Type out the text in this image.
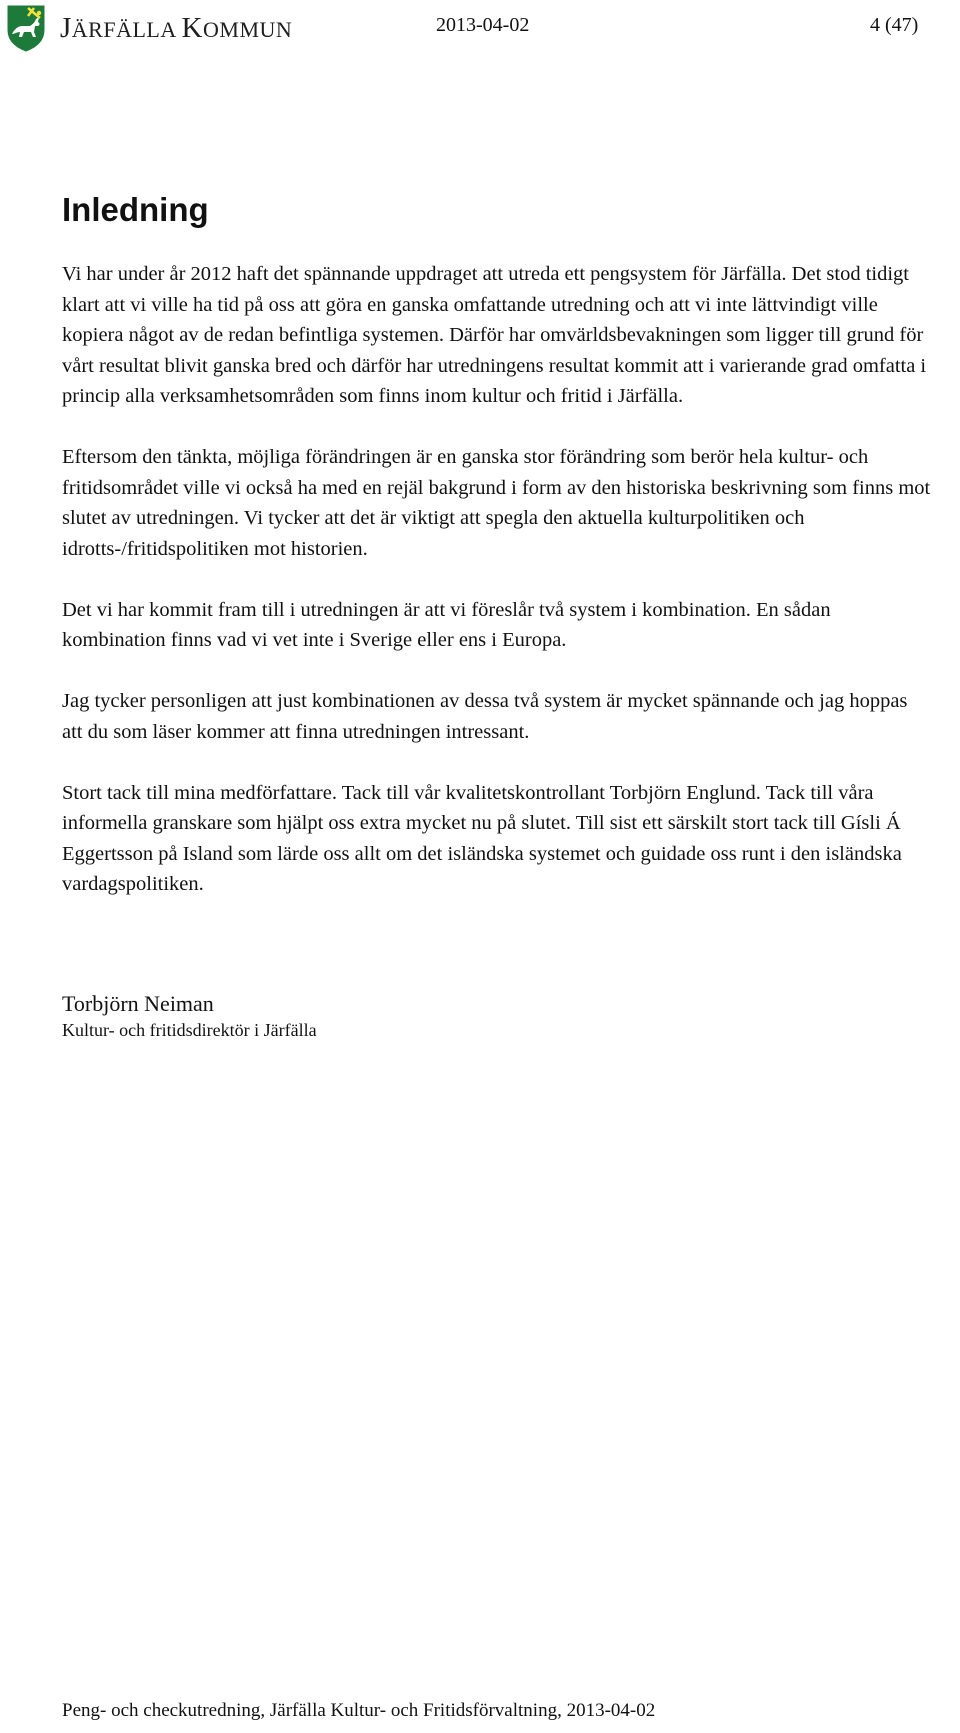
JÄRFÄLLA KOMMUN	2013-04-02	4 (47)
Inledning

Vi har under år 2012 haft det spännande uppdraget att utreda ett pengsystem för Järfälla. Det stod tidigt klart att vi ville ha tid på oss att göra en ganska omfattande utredning och att vi inte lättvindigt ville kopiera något av de redan befintliga systemen. Därför har omvärldsbevakningen som ligger till grund för vårt resultat blivit ganska bred och därför har utredningens resultat kommit att i varierande grad omfatta i princip alla verksamhetsområden som finns inom kultur och fritid i Järfälla.

Eftersom den tänkta, möjliga förändringen är en ganska stor förändring som berör hela kultur- och fritidsområdet ville vi också ha med en rejäl bakgrund i form av den historiska beskrivning som finns mot slutet av utredningen. Vi tycker att det är viktigt att spegla den aktuella kulturpolitiken och idrotts-/fritidspolitiken mot historien.

Det vi har kommit fram till i utredningen är att vi föreslår två system i kombination. En sådan kombination finns vad vi vet inte i Sverige eller ens i Europa.

Jag tycker personligen att just kombinationen av dessa två system är mycket spännande och jag hoppas att du som läser kommer att finna utredningen intressant.

Stort tack till mina medförfattare. Tack till vår kvalitetskontrollant Torbjörn Englund. Tack till våra informella granskare som hjälpt oss extra mycket nu på slutet. Till sist ett särskilt stort tack till Gísli Á Eggertsson på Island som lärde oss allt om det isländska systemet och guidade oss runt i den isländska vardagspolitiken.

Torbjörn Neiman
Kultur- och fritidsdirektör i Järfälla
Peng- och checkutredning, Järfälla Kultur- och Fritidsförvaltning, 2013-04-02
